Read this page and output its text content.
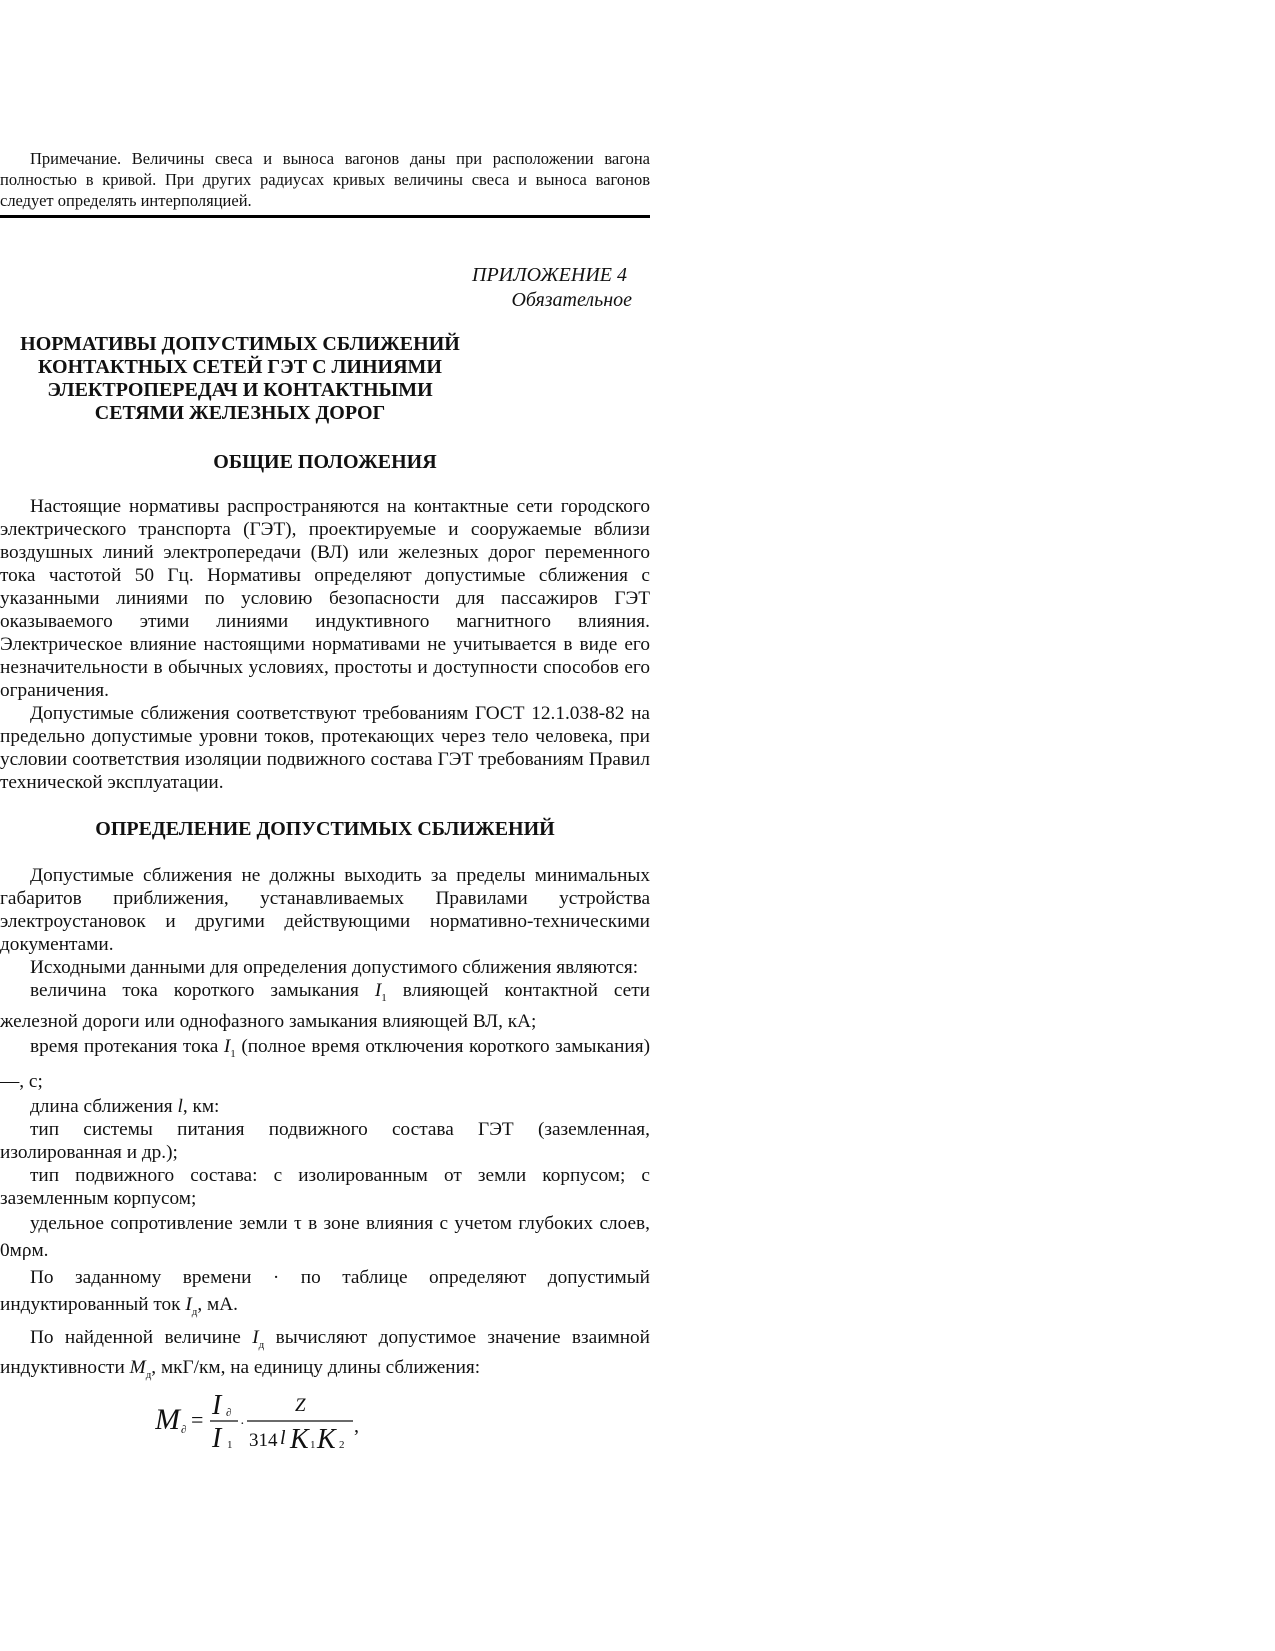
Примечание. Величины свеса и выноса вагонов даны при расположении вагона полностью в кривой. При других радиусах кривых величины свеса и выноса вагонов следует определять интерполяцией.

ПРИЛОЖЕНИЕ 4
Обязательное
НОРМАТИВЫ ДОПУСТИМЫХ СБЛИЖЕНИЙ
КОНТАКТНЫХ СЕТЕЙ ГЭТ С ЛИНИЯМИ
ЭЛЕКТРОПЕРЕДАЧ И КОНТАКТНЫМИ
СЕТЯМИ ЖЕЛЕЗНЫХ ДОРОГ
ОБЩИЕ ПОЛОЖЕНИЯ

Настоящие нормативы распространяются на контактные сети городского электрического транспорта (ГЭТ), проектируемые и сооружаемые вблизи воздушных линий электропередачи (ВЛ) или железных дорог переменного тока частотой 50 Гц. Нормативы определяют допустимые сближения с указанными линиями по условию безопасности для пассажиров ГЭТ оказываемого этими линиями индуктивного магнитного влияния. Электрическое влияние настоящими нормативами не учитывается в виде его незначительности в обычных условиях, простоты и доступности способов его ограничения.

Допустимые сближения соответствуют требованиям ГОСТ 12.1.038-82 на предельно допустимые уровни токов, протекающих через тело человека, при условии соответствия изоляции подвижного состава ГЭТ требованиям Правил технической эксплуатации.

ОПРЕДЕЛЕНИЕ ДОПУСТИМЫХ СБЛИЖЕНИЙ

Допустимые сближения не должны выходить за пределы минимальных габаритов приближения, устанавливаемых Правилами устройства электроустановок и другими действующими нормативно-техническими документами.

Исходными данными для определения допустимого сближения являются:

величина тока короткого замыкания $I_1$ влияющей контактной сети железной дороги или однофазного замыкания влияющей ВЛ, кА;

время протекания тока $I_1$ (полное время отключения короткого замыкания) —, с;

длина сближения l, км:

тип системы питания подвижного состава ГЭТ (заземленная, изолированная и др.);

тип подвижного состава: с изолированным от земли корпусом; с заземленным корпусом;

удельное сопротивление земли τ в зоне влияния с учетом глубоких слоев, 0мρм.

По заданному времени · по таблице определяют допустимый индуктированный ток $I_д$, мА.

По найденной величине $I_д$ вычисляют допустимое значение взаимной индуктивности $M_д$, мкГ/км, на единицу длины сближения:

M ∂ = I ∂
I 1
·
Z
314 l K 1 K 2
,
